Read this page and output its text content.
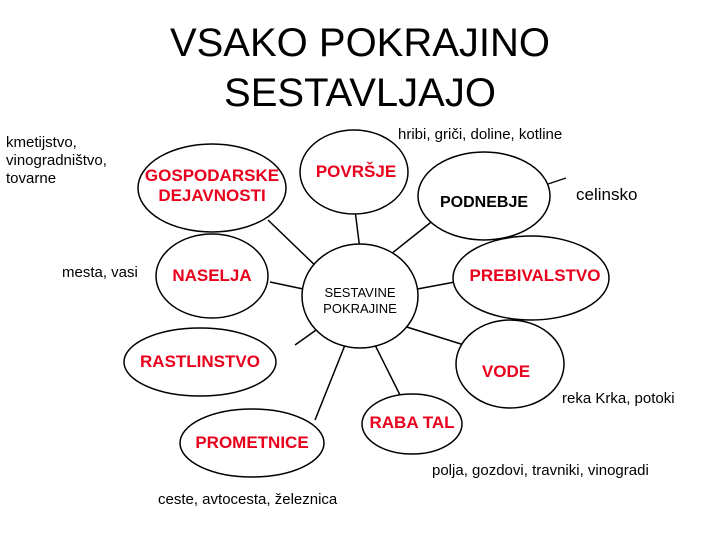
VSAKO POKRAJINO
SESTAVLJAJO
GOSPODARSKE
DEJAVNOSTI
POVRŠJE
PODNEBJE
NASELJA	PREBIVALSTVO
RASTLINSTVO
VODE
RABA TAL
PROMETNICE
SESTAVINE
POKRAJINE
kmetijstvo,
vinogradništvo,
tovarne
hribi, griči, doline, kotline
celinsko
mesta, vasi
reka Krka, potoki
polja, gozdovi, travniki, vinogradi
ceste, avtocesta, železnica
